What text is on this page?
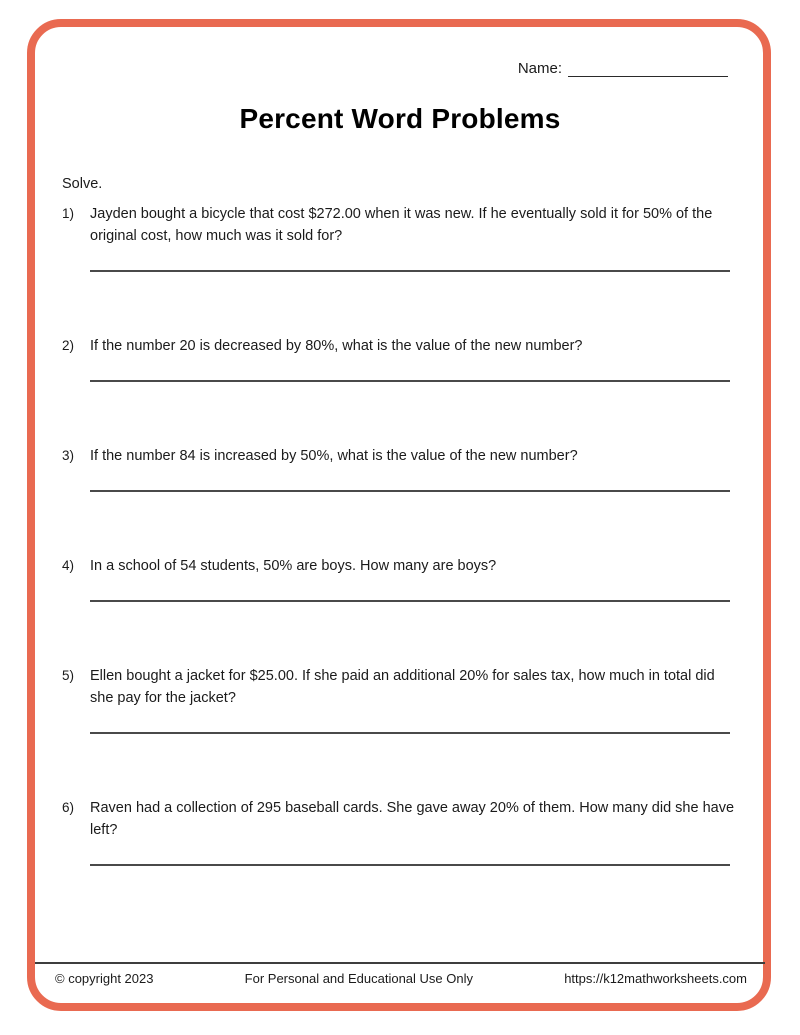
Name:
Percent Word Problems
Solve.
1)	Jayden bought a bicycle that cost $272.00 when it was new. If he eventually sold it for 50% of the original cost, how much was it sold for?
2)	If the number 20 is decreased by 80%, what is the value of the new number?
3)	If the number 84 is increased by 50%, what is the value of the new number?
4)	In a school of 54 students, 50% are boys. How many are boys?
5)	Ellen bought a jacket for $25.00. If she paid an additional 20% for sales tax, how much in total did she pay for the jacket?
6)	Raven had a collection of 295 baseball cards. She gave away 20% of them. How many did she have left?
© copyright 2023	For Personal and Educational Use Only	https://k12mathworksheets.com
